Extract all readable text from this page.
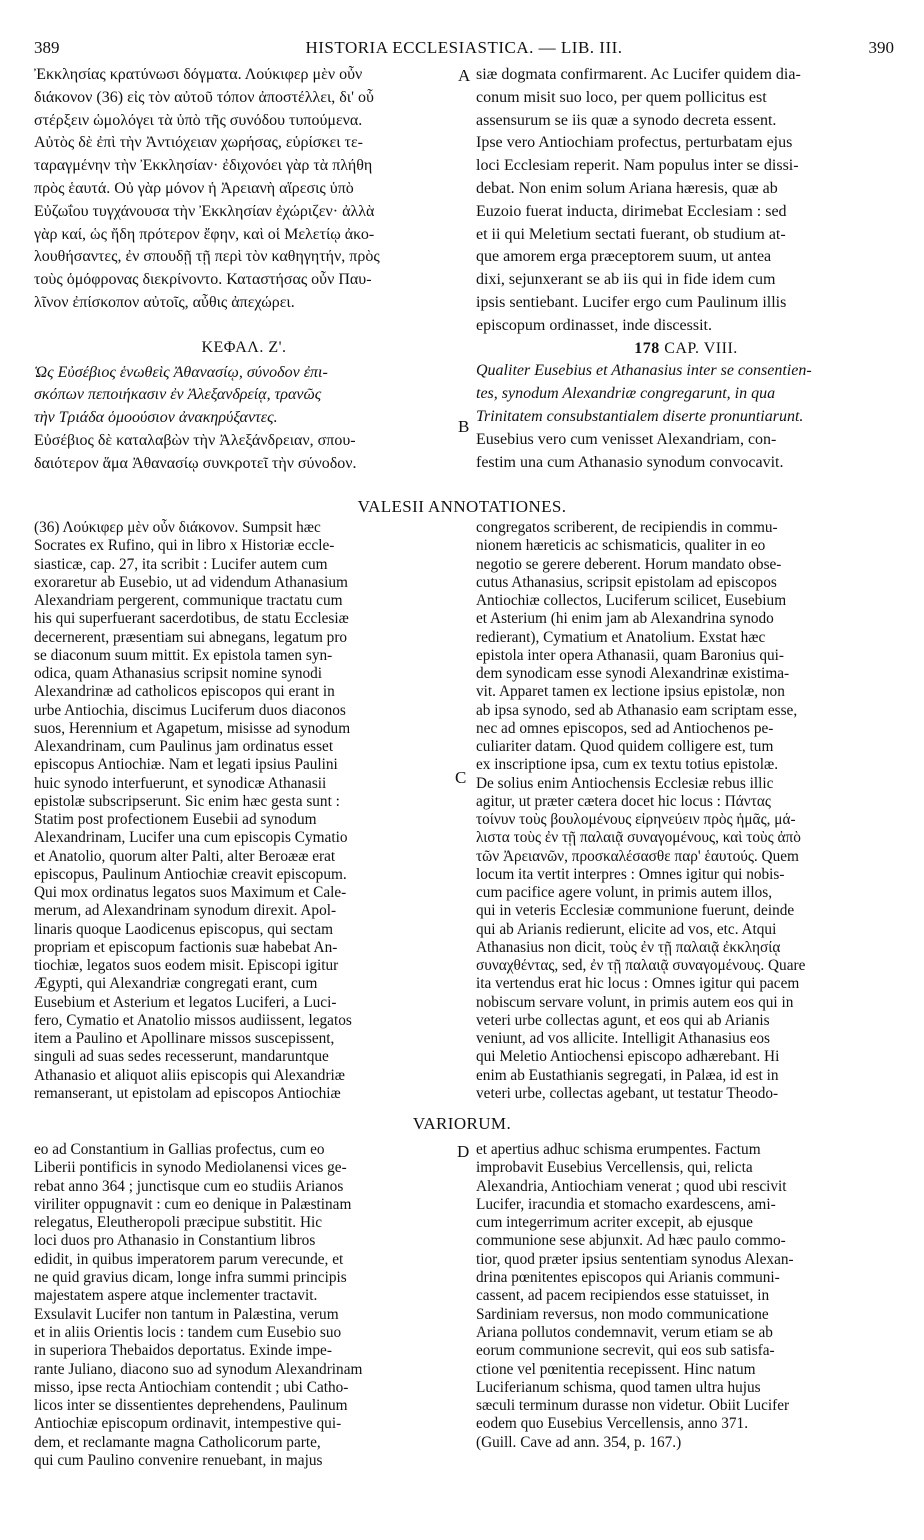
389	HISTORIA ECCLESIASTICA. — LIB. III.	390
Ἐκκλησίας κρατύνωσι δόγματα. Λούκιφερ μὲν οὖν
διάκονον (36) εἰς τὸν αὐτοῦ τόπον ἀποστέλλει, δι' οὗ
στέρξειν ὡμολόγει τὰ ὑπὸ τῆς συνόδου τυπούμενα.
Αὐτὸς δὲ ἐπὶ τὴν Ἀντιόχειαν χωρήσας, εὑρίσκει τε-
ταραγμένην τὴν Ἐκκλησίαν· ἐδιχονόει γὰρ τὰ πλήθη
πρὸς ἑαυτά. Οὐ γὰρ μόνον ἡ Ἀρειανὴ αἵρεσις ὑπὸ
Εὐζωΐου τυγχάνουσα τὴν Ἐκκλησίαν ἐχώριζεν· ἀλλὰ
γὰρ καί, ὡς ἤδη πρότερον ἔφην, καὶ οἱ Μελετίῳ ἀκο-
λουθήσαντες, ἐν σπουδῇ τῇ περὶ τὸν καθηγητήν, πρὸς
τοὺς ὁμόφρονας διεκρίνοντο. Καταστήσας οὖν Παυ-
λῖνον ἐπίσκοπον αὐτοῖς, αὖθις ἀπεχώρει.
ΚΕΦΑΛ. Ζ'.
Ὡς Εὐσέβιος ἑνωθεὶς Ἀθανασίῳ, σύνοδον ἐπι-
σκόπων πεποιήκασιν ἐν Ἀλεξανδρείᾳ, τρανῶς
τὴν Τριάδα ὁμοούσιον ἀνακηρύξαντες.
Εὐσέβιος δὲ καταλαβὼν τὴν Ἀλεξάνδρειαν, σπου-
δαιότερον ἅμα Ἀθανασίῳ συνκροτεῖ τὴν σύνοδον.
siæ dogmata confirmarent. Ac Lucifer quidem dia-
conum misit suo loco, per quem pollicitus est
assensurum se iis quæ a synodo decreta essent.
Ipse vero Antiochiam profectus, perturbatam ejus
loci Ecclesiam reperit. Nam populus inter se dissi-
debat. Non enim solum Ariana hæresis, quæ ab
Euzoio fuerat inducta, dirimebat Ecclesiam : sed
et ii qui Meletium sectati fuerant, ob studium at-
que amorem erga præceptorem suum, ut antea
dixi, sejunxerant se ab iis qui in fide idem cum
ipsis sentiebant. Lucifer ergo cum Paulinum illis
episcopum ordinasset, inde discessit.
178 CAP. VIII.
Qualiter Eusebius et Athanasius inter se consentien-
tes, synodum Alexandriæ congregarunt, in qua
Trinitatem consubstantialem diserte pronuntiarunt.
Eusebius vero cum venisset Alexandriam, con-
festim una cum Athanasio synodum convocavit.
A
B
C
D
VALESII ANNOTATIONES.
(36) Λούκιφερ μὲν οὖν διάκονον. Sumpsit hæc
Socrates ex Rufino, qui in libro x Historiæ eccle-
siasticæ, cap. 27, ita scribit : Lucifer autem cum
exoraretur ab Eusebio, ut ad videndum Athanasium
Alexandriam pergerent, communique tractatu cum
his qui superfuerant sacerdotibus, de statu Ecclesiæ
decernerent, præsentiam sui abnegans, legatum pro
se diaconum suum mittit. Ex epistola tamen syn-
odica, quam Athanasius scripsit nomine synodi
Alexandrinæ ad catholicos episcopos qui erant in
urbe Antiochia, discimus Luciferum duos diaconos
suos, Herennium et Agapetum, misisse ad synodum
Alexandrinam, cum Paulinus jam ordinatus esset
episcopus Antiochiæ. Nam et legati ipsius Paulini
huic synodo interfuerunt, et synodicæ Athanasii
epistolæ subscripserunt. Sic enim hæc gesta sunt :
Statim post profectionem Eusebii ad synodum
Alexandrinam, Lucifer una cum episcopis Cymatio
et Anatolio, quorum alter Palti, alter Beroææ erat
episcopus, Paulinum Antiochiæ creavit episcopum.
Qui mox ordinatus legatos suos Maximum et Cale-
merum, ad Alexandrinam synodum direxit. Apol-
linaris quoque Laodicenus episcopus, qui sectam
propriam et episcopum factionis suæ habebat An-
tiochiæ, legatos suos eodem misit. Episcopi igitur
Ægypti, qui Alexandriæ congregati erant, cum
Eusebium et Asterium et legatos Luciferi, a Luci-
fero, Cymatio et Anatolio missos audiissent, legatos
item a Paulino et Apollinare missos suscepissent,
singuli ad suas sedes recesserunt, mandaruntque
Athanasio et aliquot aliis episcopis qui Alexandriæ
remanserant, ut epistolam ad episcopos Antiochiæ
congregatos scriberent, de recipiendis in commu-
nionem hæreticis ac schismaticis, qualiter in eo
negotio se gerere deberent. Horum mandato obse-
cutus Athanasius, scripsit epistolam ad episcopos
Antiochiæ collectos, Luciferum scilicet, Eusebium
et Asterium (hi enim jam ab Alexandrina synodo
redierant), Cymatium et Anatolium. Exstat hæc
epistola inter opera Athanasii, quam Baronius qui-
dem synodicam esse synodi Alexandrinæ existima-
vit. Apparet tamen ex lectione ipsius epistolæ, non
ab ipsa synodo, sed ab Athanasio eam scriptam esse,
nec ad omnes episcopos, sed ad Antiochenos pe-
culiariter datam. Quod quidem colligere est, tum
ex inscriptione ipsa, cum ex textu totius epistolæ.
De solius enim Antiochensis Ecclesiæ rebus illic
agitur, ut præter cætera docet hic locus : Πάντας
τοίνυν τοὺς βουλομένους εἰρηνεύειν πρὸς ἡμᾶς, μά-
λιστα τοὺς ἐν τῇ παλαιᾷ συναγομένους, καὶ τοὺς ἀπὸ
τῶν Ἀρειανῶν, προσκαλέσασθε παρ' ἑαυτούς. Quem
locum ita vertit interpres : Omnes igitur qui nobis-
cum pacifice agere volunt, in primis autem illos,
qui in veteris Ecclesiæ communione fuerunt, deinde
qui ab Arianis redierunt, elicite ad vos, etc. Atqui
Athanasius non dicit, τοὺς ἐν τῇ παλαιᾷ ἐκκλησίᾳ
συναχθέντας, sed, ἐν τῇ παλαιᾷ συναγομένους. Quare
ita vertendus erat hic locus : Omnes igitur qui pacem
nobiscum servare volunt, in primis autem eos qui in
veteri urbe collectas agunt, et eos qui ab Arianis
veniunt, ad vos allicite. Intelligit Athanasius eos
qui Meletio Antiochensi episcopo adhærebant. Hi
enim ab Eustathianis segregati, in Palæa, id est in
veteri urbe, collectas agebant, ut testatur Theodo-
VARIORUM.
eo ad Constantium in Gallias profectus, cum eo
Liberii pontificis in synodo Mediolanensi vices ge-
rebat anno 364 ; junctisque cum eo studiis Arianos
viriliter oppugnavit : cum eo denique in Palæstinam
relegatus, Eleutheropoli præcipue substitit. Hic
loci duos pro Athanasio in Constantium libros
edidit, in quibus imperatorem parum verecunde, et
ne quid gravius dicam, longe infra summi principis
majestatem aspere atque inclementer tractavit.
Exsulavit Lucifer non tantum in Palæstina, verum
et in aliis Orientis locis : tandem cum Eusebio suo
in superiora Thebaidos deportatus. Exinde impe-
rante Juliano, diacono suo ad synodum Alexandrinam
misso, ipse recta Antiochiam contendit ; ubi Catho-
licos inter se dissentientes deprehendens, Paulinum
Antiochiæ episcopum ordinavit, intempestive qui-
dem, et reclamante magna Catholicorum parte,
qui cum Paulino convenire renuebant, in majus
et apertius adhuc schisma erumpentes. Factum
improbavit Eusebius Vercellensis, qui, relicta
Alexandria, Antiochiam venerat ; quod ubi rescivit
Lucifer, iracundia et stomacho exardescens, ami-
cum integerrimum acriter excepit, ab ejusque
communione sese abjunxit. Ad hæc paulo commo-
tior, quod præter ipsius sententiam synodus Alexan-
drina pœnitentes episcopos qui Arianis communi-
cassent, ad pacem recipiendos esse statuisset, in
Sardiniam reversus, non modo communicatione
Ariana pollutos condemnavit, verum etiam se ab
eorum communione secrevit, qui eos sub satisfa-
ctione vel pœnitentia recepissent. Hinc natum
Luciferianum schisma, quod tamen ultra hujus
sæculi terminum durasse non videtur. Obiit Lucifer
eodem quo Eusebius Vercellensis, anno 371.
(Guill. Cave ad ann. 354, p. 167.)
